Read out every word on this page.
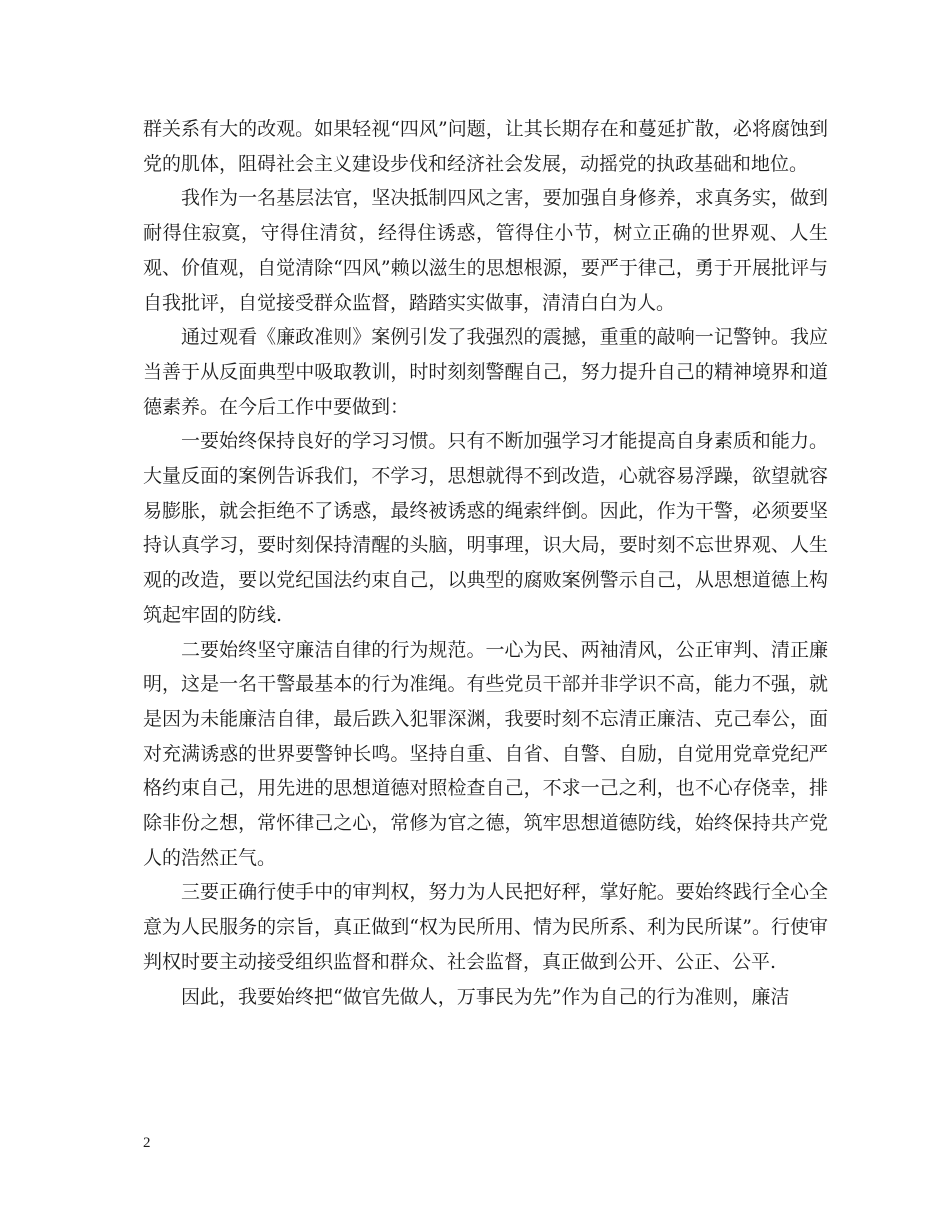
群关系有大的改观。如果轻视“四风”问题，让其长期存在和蔓延扩散，必将腐蚀到党的肌体，阻碍社会主义建设步伐和经济社会发展，动摇党的执政基础和地位。

我作为一名基层法官，坚决抵制四风之害，要加强自身修养，求真务实，做到耐得住寂寞，守得住清贫，经得住诱惑，管得住小节，树立正确的世界观、人生观、价值观，自觉清除“四风”赖以滋生的思想根源，要严于律己，勇于开展批评与自我批评，自觉接受群众监督，踏踏实实做事，清清白白为人。

通过观看《廉政准则》案例引发了我强烈的震撼，重重的敲响一记警钟。我应当善于从反面典型中吸取教训，时时刻刻警醒自己，努力提升自己的精神境界和道德素养。在今后工作中要做到：

一要始终保持良好的学习习惯。只有不断加强学习才能提高自身素质和能力。大量反面的案例告诉我们，不学习，思想就得不到改造，心就容易浮躁，欲望就容易膨胀，就会拒绝不了诱惑，最终被诱惑的绳索绊倒。因此，作为干警，必须要坚持认真学习，要时刻保持清醒的头脑，明事理，识大局，要时刻不忘世界观、人生观的改造，要以党纪国法约束自己，以典型的腐败案例警示自己，从思想道德上构筑起牢固的防线.

二要始终坚守廉洁自律的行为规范。一心为民、两袖清风，公正审判、清正廉明，这是一名干警最基本的行为准绳。有些党员干部并非学识不高，能力不强，就是因为未能廉洁自律，最后跌入犯罪深渊，我要时刻不忘清正廉洁、克己奉公，面对充满诱惑的世界要警钟长鸣。坚持自重、自省、自警、自励，自觉用党章党纪严格约束自己，用先进的思想道德对照检查自己，不求一己之利，也不心存侥幸，排除非份之想，常怀律己之心，常修为官之德，筑牢思想道德防线，始终保持共产党人的浩然正气。

三要正确行使手中的审判权，努力为人民把好秤，掌好舵。要始终践行全心全意为人民服务的宗旨，真正做到“权为民所用、情为民所系、利为民所谋”。行使审判权时要主动接受组织监督和群众、社会监督，真正做到公开、公正、公平.

因此，我要始终把“做官先做人，万事民为先”作为自己的行为准则，廉洁

2
